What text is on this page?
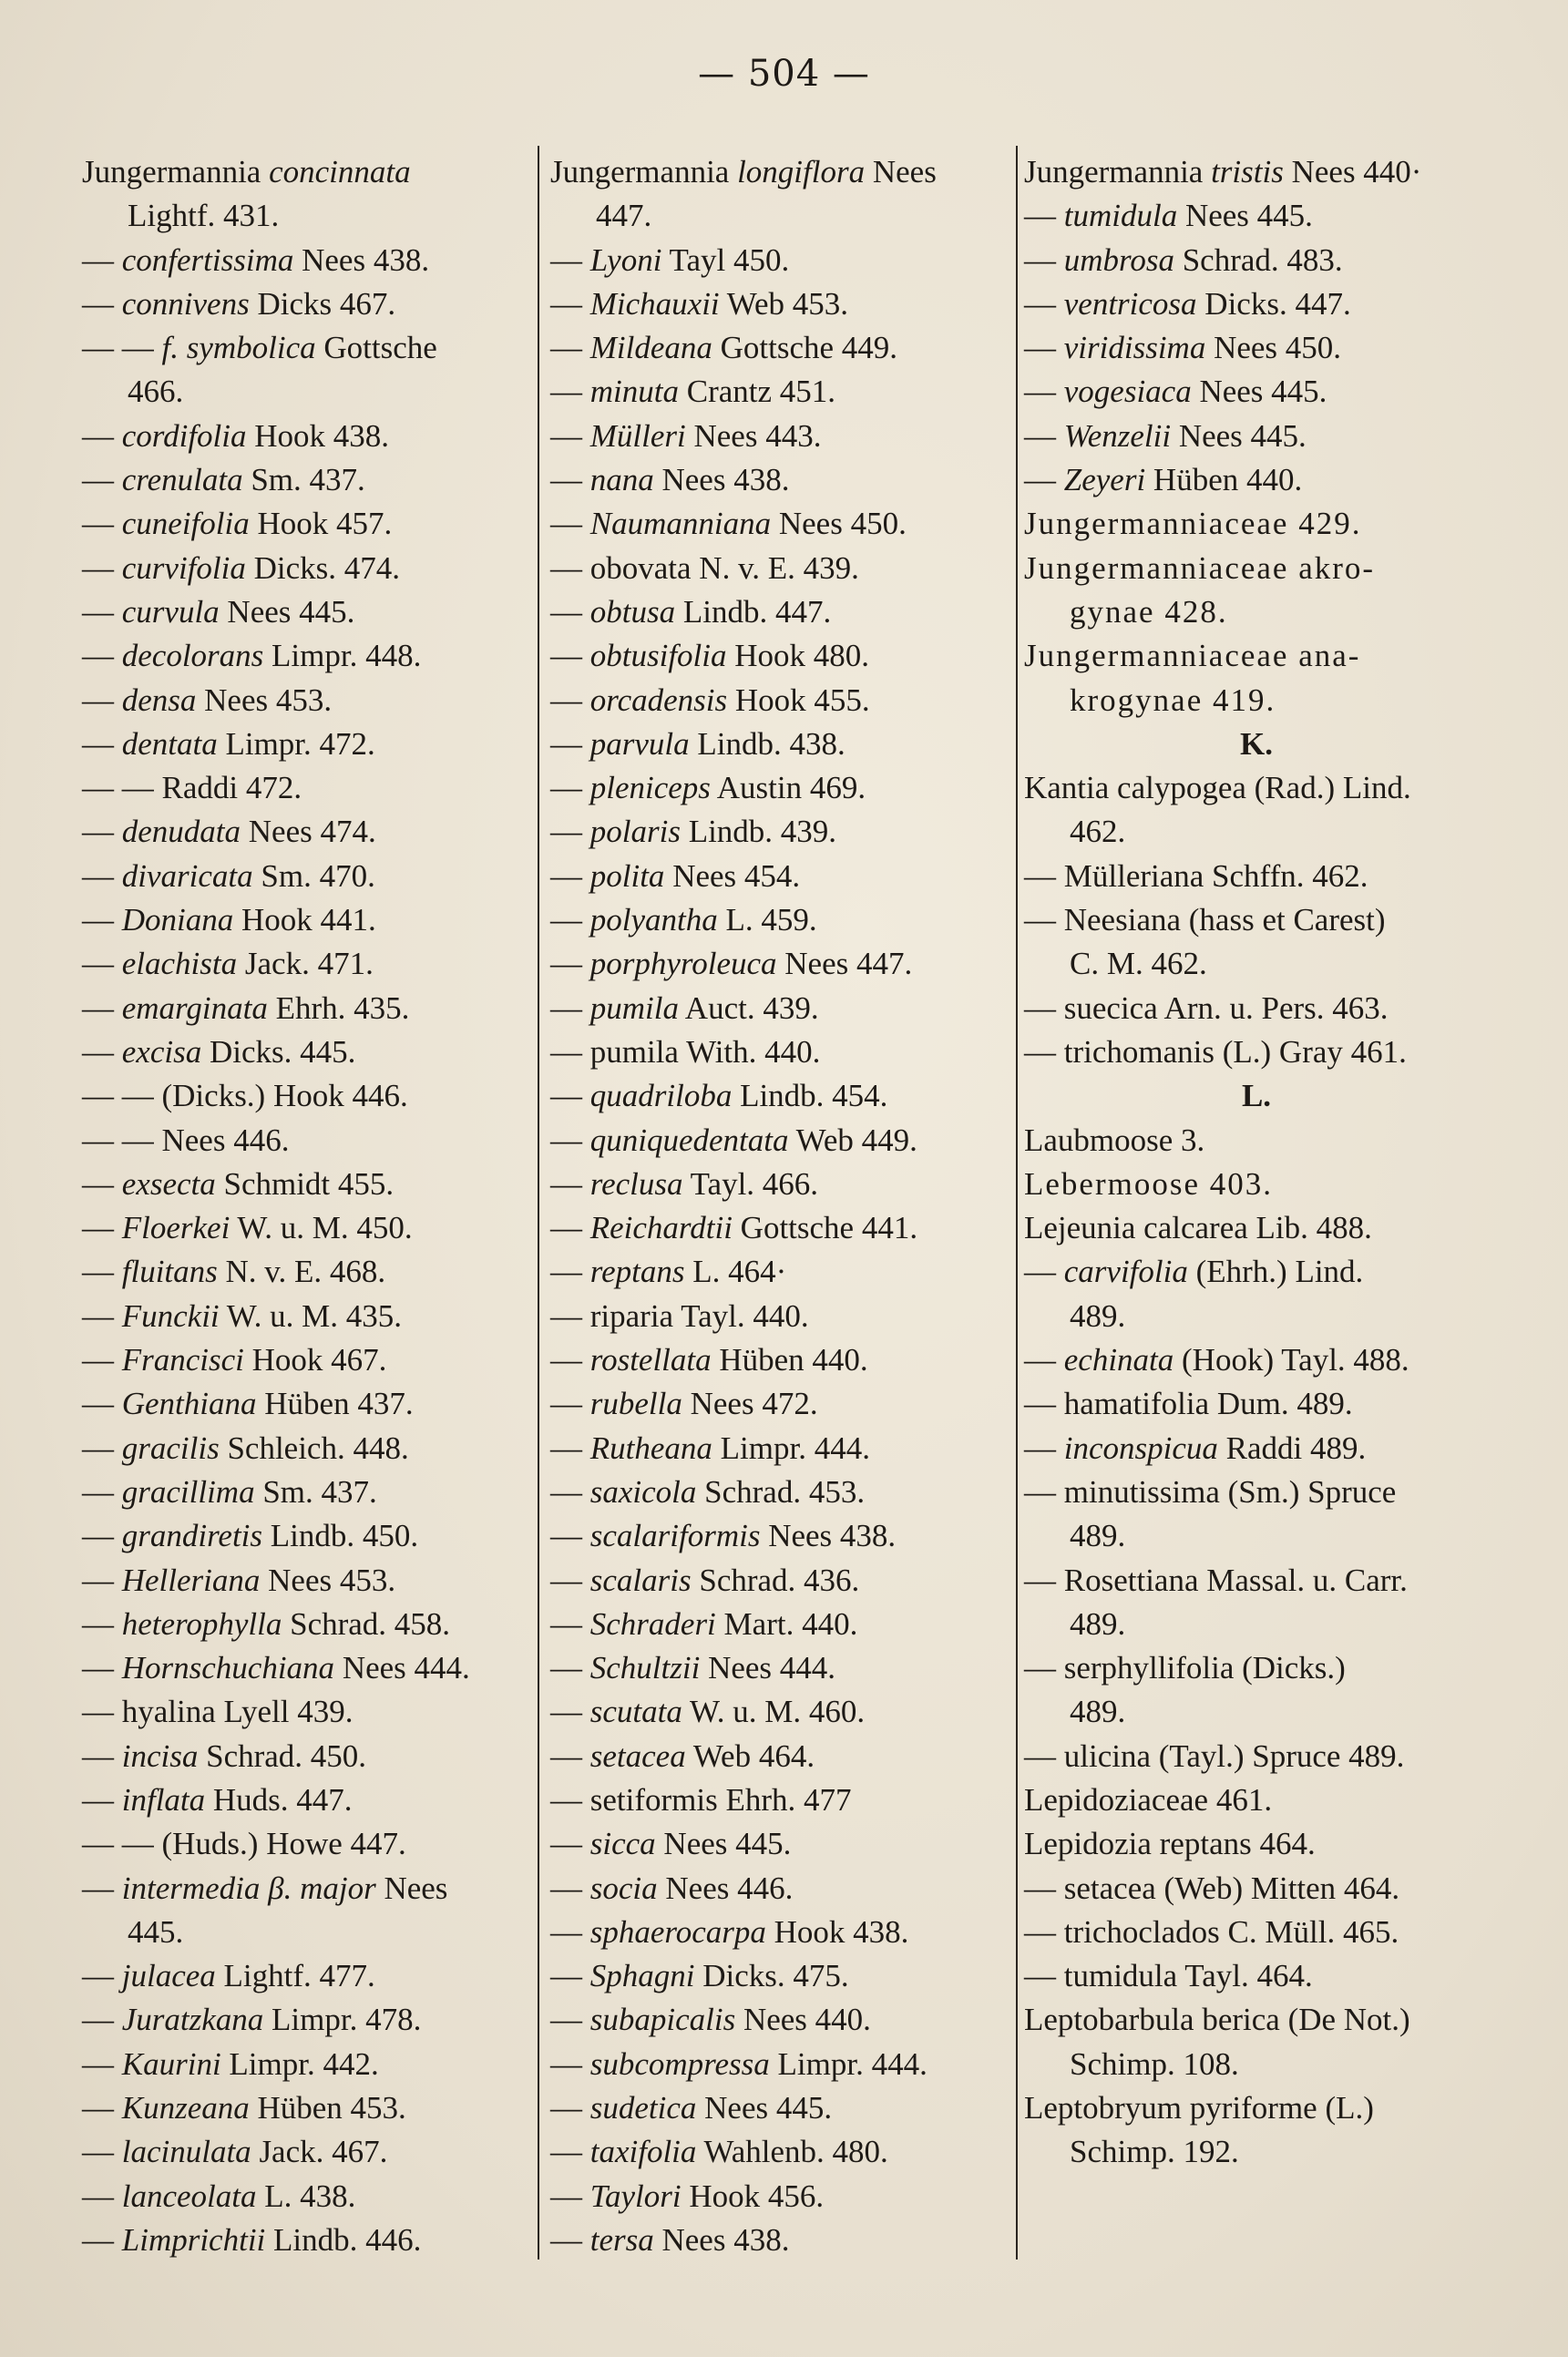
— 504 —
Jungermannia concinnata
Lightf. 431.
— confertissima Nees 438.
— connivens Dicks 467.
— — f. symbolica Gottsche
466.
— cordifolia Hook 438.
— crenulata Sm. 437.
— cuneifolia Hook 457.
— curvifolia Dicks. 474.
— curvula Nees 445.
— decolorans Limpr. 448.
— densa Nees 453.
— dentata Limpr. 472.
— — Raddi 472.
— denudata Nees 474.
— divaricata Sm. 470.
— Doniana Hook 441.
— elachista Jack. 471.
— emarginata Ehrh. 435.
— excisa Dicks. 445.
— — (Dicks.) Hook 446.
— — Nees 446.
— exsecta Schmidt 455.
— Floerkei W. u. M. 450.
— fluitans N. v. E. 468.
— Funckii W. u. M. 435.
— Francisci Hook 467.
— Genthiana Hüben 437.
— gracilis Schleich. 448.
— gracillima Sm. 437.
— grandiretis Lindb. 450.
— Helleriana Nees 453.
— heterophylla Schrad. 458.
— Hornschuchiana Nees 444.
— hyalina Lyell 439.
— incisa Schrad. 450.
— inflata Huds. 447.
— — (Huds.) Howe 447.
— intermedia β. major Nees
445.
— julacea Lightf. 477.
— Juratzkana Limpr. 478.
— Kaurini Limpr. 442.
— Kunzeana Hüben 453.
— lacinulata Jack. 467.
— lanceolata L. 438.
— Limprichtii Lindb. 446.
Jungermannia longiflora Nees
447.
— Lyoni Tayl 450.
— Michauxii Web 453.
— Mildeana Gottsche 449.
— minuta Crantz 451.
— Mülleri Nees 443.
— nana Nees 438.
— Naumanniana Nees 450.
— obovata N. v. E. 439.
— obtusa Lindb. 447.
— obtusifolia Hook 480.
— orcadensis Hook 455.
— parvula Lindb. 438.
— pleniceps Austin 469.
— polaris Lindb. 439.
— polita Nees 454.
— polyantha L. 459.
— porphyroleuca Nees 447.
— pumila Auct. 439.
— pumila With. 440.
— quadriloba Lindb. 454.
— quniquedentata Web 449.
— reclusa Tayl. 466.
— Reichardtii Gottsche 441.
— reptans L. 464·
— riparia Tayl. 440.
— rostellata Hüben 440.
— rubella Nees 472.
— Rutheana Limpr. 444.
— saxicola Schrad. 453.
— scalariformis Nees 438.
— scalaris Schrad. 436.
— Schraderi Mart. 440.
— Schultzii Nees 444.
— scutata W. u. M. 460.
— setacea Web 464.
— setiformis Ehrh. 477
— sicca Nees 445.
— socia Nees 446.
— sphaerocarpa Hook 438.
— Sphagni Dicks. 475.
— subapicalis Nees 440.
— subcompressa Limpr. 444.
— sudetica Nees 445.
— taxifolia Wahlenb. 480.
— Taylori Hook 456.
— tersa Nees 438.
Jungermannia tristis Nees 440·
— tumidula Nees 445.
— umbrosa Schrad. 483.
— ventricosa Dicks. 447.
— viridissima Nees 450.
— vogesiaca Nees 445.
— Wenzelii Nees 445.
— Zeyeri Hüben 440.
Jungermanniaceae 429.
Jungermanniaceae akro-
gynae 428.
Jungermanniaceae ana-
krogynae 419.
K.
Kantia calypogea (Rad.) Lind.
462.
— Mülleriana Schffn. 462.
— Neesiana (hass et Carest)
C. M. 462.
— suecica Arn. u. Pers. 463.
— trichomanis (L.) Gray 461.
L.
Laubmoose 3.
Lebermoose 403.
Lejeunia calcarea Lib. 488.
— carvifolia (Ehrh.) Lind.
489.
— echinata (Hook) Tayl. 488.
— hamatifolia Dum. 489.
— inconspicua Raddi 489.
— minutissima (Sm.) Spruce
489.
— Rosettiana Massal. u. Carr.
489.
— serphyllifolia (Dicks.)
489.
— ulicina (Tayl.) Spruce 489.
Lepidoziaceae 461.
Lepidozia reptans 464.
— setacea (Web) Mitten 464.
— trichoclados C. Müll. 465.
— tumidula Tayl. 464.
Leptobarbula berica (De Not.)
Schimp. 108.
Leptobryum pyriforme (L.)
Schimp. 192.
